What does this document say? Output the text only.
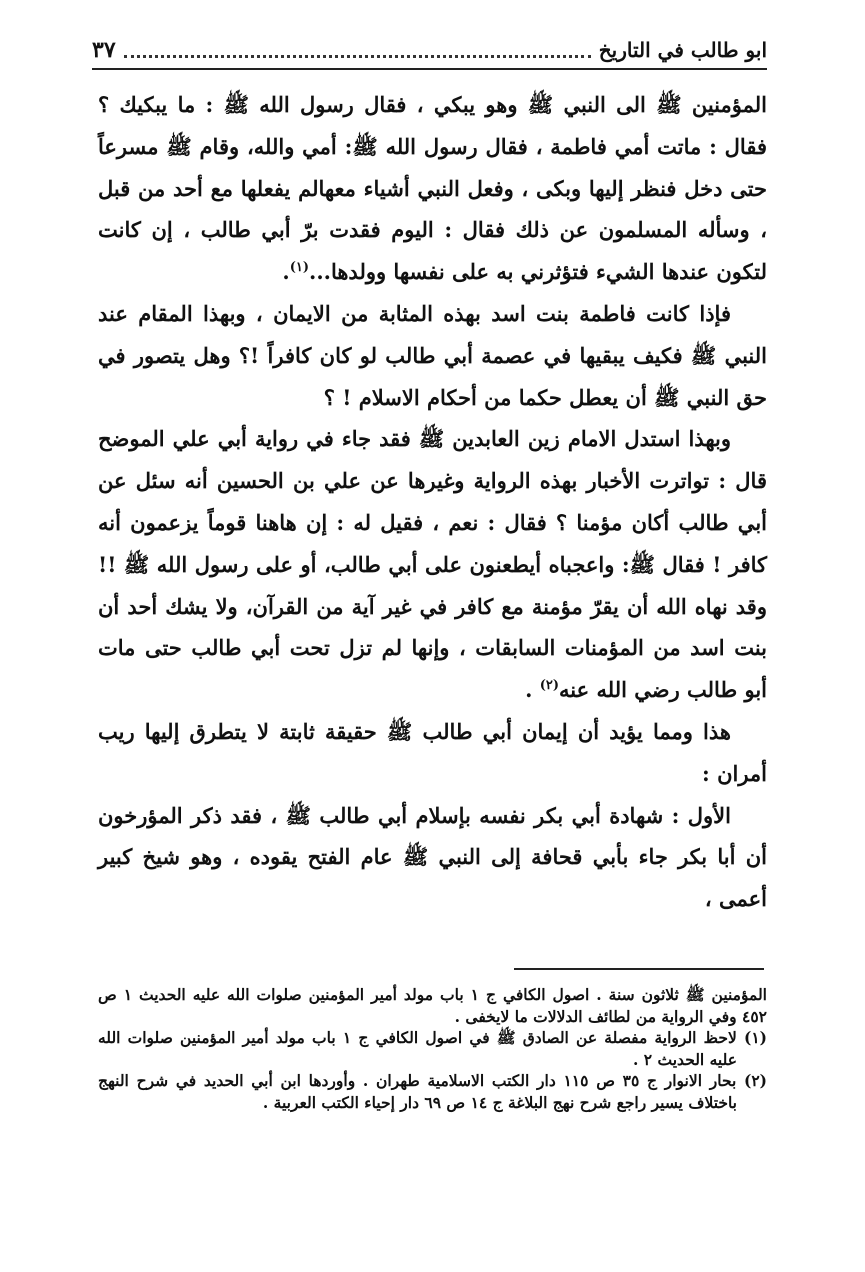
ابو طالب في التاريخ
٣٧

المؤمنين ﷺ الى النبي ﷺ وهو يبكي ، فقال رسول الله ﷺ : ما يبكيك ؟ فقال : ماتت أمي فاطمة ، فقال رسول الله ﷺ: أمي والله، وقام ﷺ مسرعاً حتى دخل فنظر إليها وبكى ، وفعل النبي أشياء معهالم يفعلها مع أحد من قبل ، وسأله المسلمون عن ذلك فقال : اليوم فقدت برّ أبي طالب ، إن كانت لتكون عندها الشيء فتؤثرني به على نفسها وولدها...$^{(١)}$.

فإذا كانت فاطمة بنت اسد بهذه المثابة من الايمان ، وبهذا المقام عند النبي ﷺ فكيف يبقيها في عصمة أبي طالب لو كان كافراً !؟ وهل يتصور في حق النبي ﷺ أن يعطل حكما من أحكام الاسلام ! ؟

وبهذا استدل الامام زين العابدين ﷺ فقد جاء في رواية أبي علي الموضح قال : تواترت الأخبار بهذه الرواية وغيرها عن علي بن الحسين أنه سئل عن أبي طالب أكان مؤمنا ؟ فقال : نعم ، فقيل له : إن هاهنا قوماً يزعمون أنه كافر ! فقال ﷺ: واعجباه أيطعنون على أبي طالب، أو على رسول الله ﷺ !! وقد نهاه الله أن يقرّ مؤمنة مع كافر في غير آية من القرآن، ولا يشك أحد أن بنت اسد من المؤمنات السابقات ، وإنها لم تزل تحت أبي طالب حتى مات أبو طالب رضي الله عنه$^{(٢)}$ .

هذا ومما يؤيد أن إيمان أبي طالب ﷺ حقيقة ثابتة لا يتطرق إليها ريب أمران :

الأول : شهادة أبي بكر نفسه بإسلام أبي طالب ﷺ ، فقد ذكر المؤرخون أن أبا بكر جاء بأبي قحافة إلى النبي ﷺ عام الفتح يقوده ، وهو شيخ كبير أعمى ،

المؤمنين ﷺ ثلاثون سنة . اصول الكافي ج ١ باب مولد أمير المؤمنين صلوات الله عليه الحديث ١ ص ٤٥٢ وفي الرواية من لطائف الدلالات ما لايخفى .

(١) لاحظ الرواية مفصلة عن الصادق ﷺ في اصول الكافي ج ١ باب مولد أمير المؤمنين صلوات الله عليه الحديث ٢ .

(٢) بحار الانوار ج ٣٥ ص ١١٥ دار الكتب الاسلامية طهران . وأوردها ابن أبي الحديد في شرح النهج باختلاف يسير راجع شرح نهج البلاغة ج ١٤ ص ٦٩ دار إحياء الكتب العربية .
